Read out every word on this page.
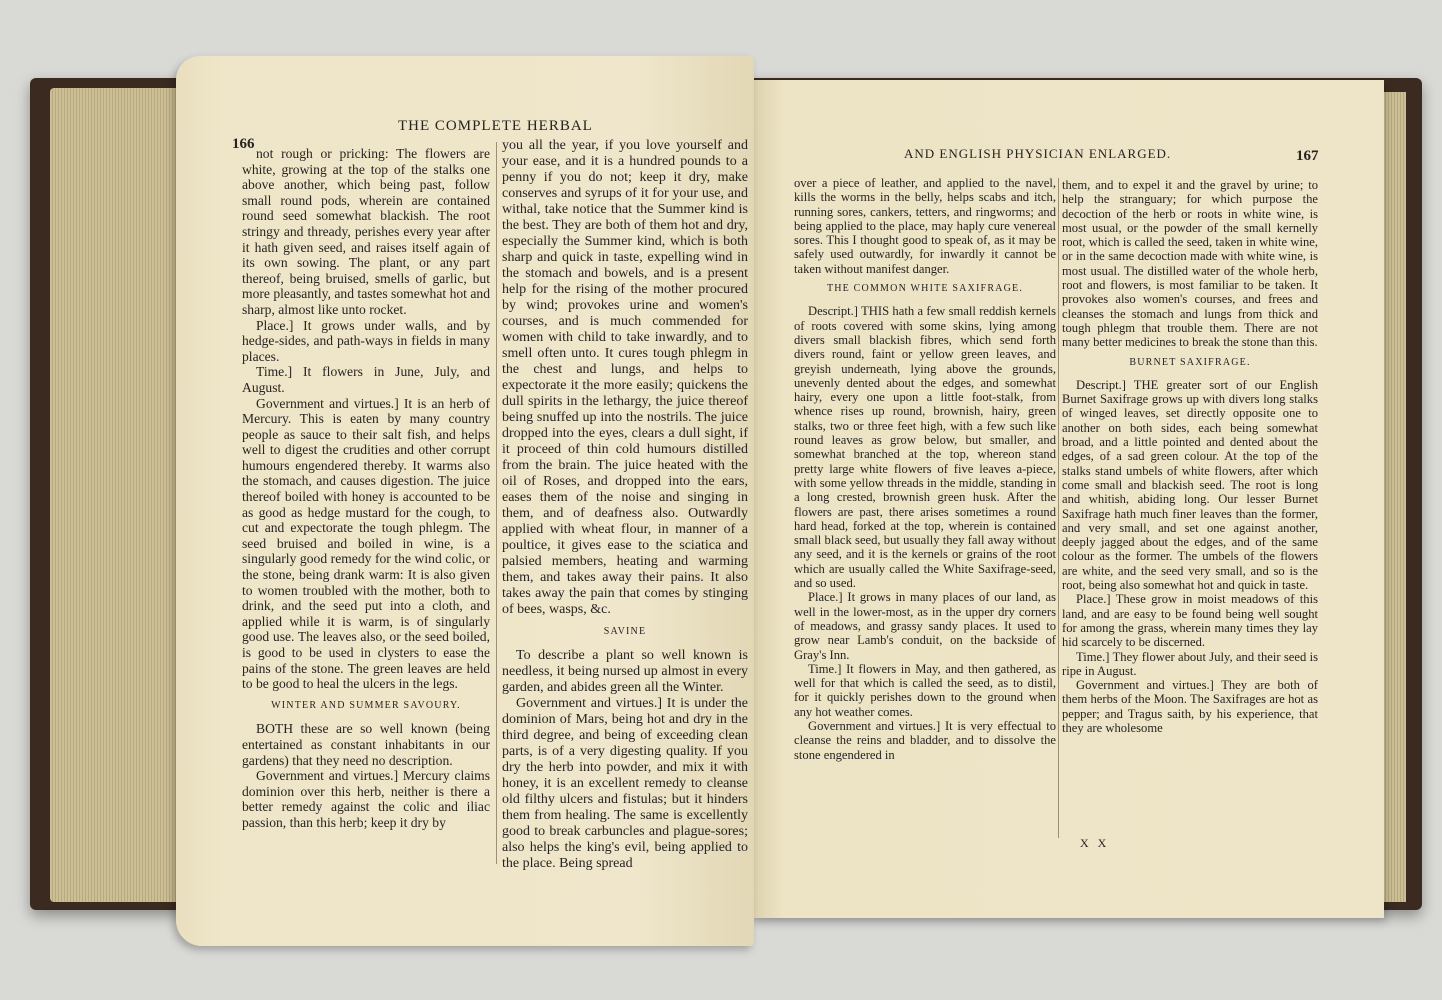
AND ENGLISH PHYSICIAN ENLARGED.	167

over a piece of leather, and applied to the navel, kills the worms in the belly, helps scabs and itch, running sores, cankers, tetters, and ringworms; and being applied to the place, may haply cure venereal sores. This I thought good to speak of, as it may be safely used outwardly, for inwardly it cannot be taken without manifest danger.

THE COMMON WHITE SAXIFRAGE.

Descript.] THIS hath a few small reddish kernels of roots covered with some skins, lying among divers small blackish fibres, which send forth divers round, faint or yellow green leaves, and greyish underneath, lying above the grounds, unevenly dented about the edges, and somewhat hairy, every one upon a little foot-stalk, from whence rises up round, brownish, hairy, green stalks, two or three feet high, with a few such like round leaves as grow below, but smaller, and somewhat branched at the top, whereon stand pretty large white flowers of five leaves a-piece, with some yellow threads in the middle, standing in a long crested, brownish green husk. After the flowers are past, there arises sometimes a round hard head, forked at the top, wherein is contained small black seed, but usually they fall away without any seed, and it is the kernels or grains of the root which are usually called the White Saxifrage-seed, and so used.

Place.] It grows in many places of our land, as well in the lower-most, as in the upper dry corners of meadows, and grassy sandy places. It used to grow near Lamb's conduit, on the backside of Gray's Inn.

Time.] It flowers in May, and then gathered, as well for that which is called the seed, as to distil, for it quickly perishes down to the ground when any hot weather comes.

Government and virtues.] It is very effectual to cleanse the reins and bladder, and to dissolve the stone engendered in

them, and to expel it and the gravel by urine; to help the stranguary; for which purpose the decoction of the herb or roots in white wine, is most usual, or the powder of the small kernelly root, which is called the seed, taken in white wine, or in the same decoction made with white wine, is most usual. The distilled water of the whole herb, root and flowers, is most familiar to be taken. It provokes also women's courses, and frees and cleanses the stomach and lungs from thick and tough phlegm that trouble them. There are not many better medicines to break the stone than this.

BURNET SAXIFRAGE.

Descript.] THE greater sort of our English Burnet Saxifrage grows up with divers long stalks of winged leaves, set directly opposite one to another on both sides, each being somewhat broad, and a little pointed and dented about the edges, of a sad green colour. At the top of the stalks stand umbels of white flowers, after which come small and blackish seed. The root is long and whitish, abiding long. Our lesser Burnet Saxifrage hath much finer leaves than the former, and very small, and set one against another, deeply jagged about the edges, and of the same colour as the former. The umbels of the flowers are white, and the seed very small, and so is the root, being also somewhat hot and quick in taste.

Place.] These grow in moist meadows of this land, and are easy to be found being well sought for among the grass, wherein many times they lay hid scarcely to be discerned.

Time.] They flower about July, and their seed is ripe in August.

Government and virtues.] They are both of them herbs of the Moon. The Saxifrages are hot as pepper; and Tragus saith, by his experience, that they are wholesome

X X
THE COMPLETE HERBAL
166

not rough or pricking: The flowers are white, growing at the top of the stalks one above another, which being past, follow small round pods, wherein are contained round seed somewhat blackish. The root stringy and thready, perishes every year after it hath given seed, and raises itself again of its own sowing. The plant, or any part thereof, being bruised, smells of garlic, but more pleasantly, and tastes somewhat hot and sharp, almost like unto rocket.

Place.] It grows under walls, and by hedge-sides, and path-ways in fields in many places.

Time.] It flowers in June, July, and August.

Government and virtues.] It is an herb of Mercury. This is eaten by many country people as sauce to their salt fish, and helps well to digest the crudities and other corrupt humours engendered thereby. It warms also the stomach, and causes digestion. The juice thereof boiled with honey is accounted to be as good as hedge mustard for the cough, to cut and expectorate the tough phlegm. The seed bruised and boiled in wine, is a singularly good remedy for the wind colic, or the stone, being drank warm: It is also given to women troubled with the mother, both to drink, and the seed put into a cloth, and applied while it is warm, is of singularly good use. The leaves also, or the seed boiled, is good to be used in clysters to ease the pains of the stone. The green leaves are held to be good to heal the ulcers in the legs.

WINTER AND SUMMER SAVOURY.

BOTH these are so well known (being entertained as constant inhabitants in our gardens) that they need no description.

Government and virtues.] Mercury claims dominion over this herb, neither is there a better remedy against the colic and iliac passion, than this herb; keep it dry by

you all the year, if you love yourself and your ease, and it is a hundred pounds to a penny if you do not; keep it dry, make conserves and syrups of it for your use, and withal, take notice that the Summer kind is the best. They are both of them hot and dry, especially the Summer kind, which is both sharp and quick in taste, expelling wind in the stomach and bowels, and is a present help for the rising of the mother procured by wind; provokes urine and women's courses, and is much commended for women with child to take inwardly, and to smell often unto. It cures tough phlegm in the chest and lungs, and helps to expectorate it the more easily; quickens the dull spirits in the lethargy, the juice thereof being snuffed up into the nostrils. The juice dropped into the eyes, clears a dull sight, if it proceed of thin cold humours distilled from the brain. The juice heated with the oil of Roses, and dropped into the ears, eases them of the noise and singing in them, and of deafness also. Outwardly applied with wheat flour, in manner of a poultice, it gives ease to the sciatica and palsied members, heating and warming them, and takes away their pains. It also takes away the pain that comes by stinging of bees, wasps, &c.

SAVINE

To describe a plant so well known is needless, it being nursed up almost in every garden, and abides green all the Winter.

Government and virtues.] It is under the dominion of Mars, being hot and dry in the third degree, and being of exceeding clean parts, is of a very digesting quality. If you dry the herb into powder, and mix it with honey, it is an excellent remedy to cleanse old filthy ulcers and fistulas; but it hinders them from healing. The same is excellently good to break carbuncles and plague-sores; also helps the king's evil, being applied to the place. Being spread
